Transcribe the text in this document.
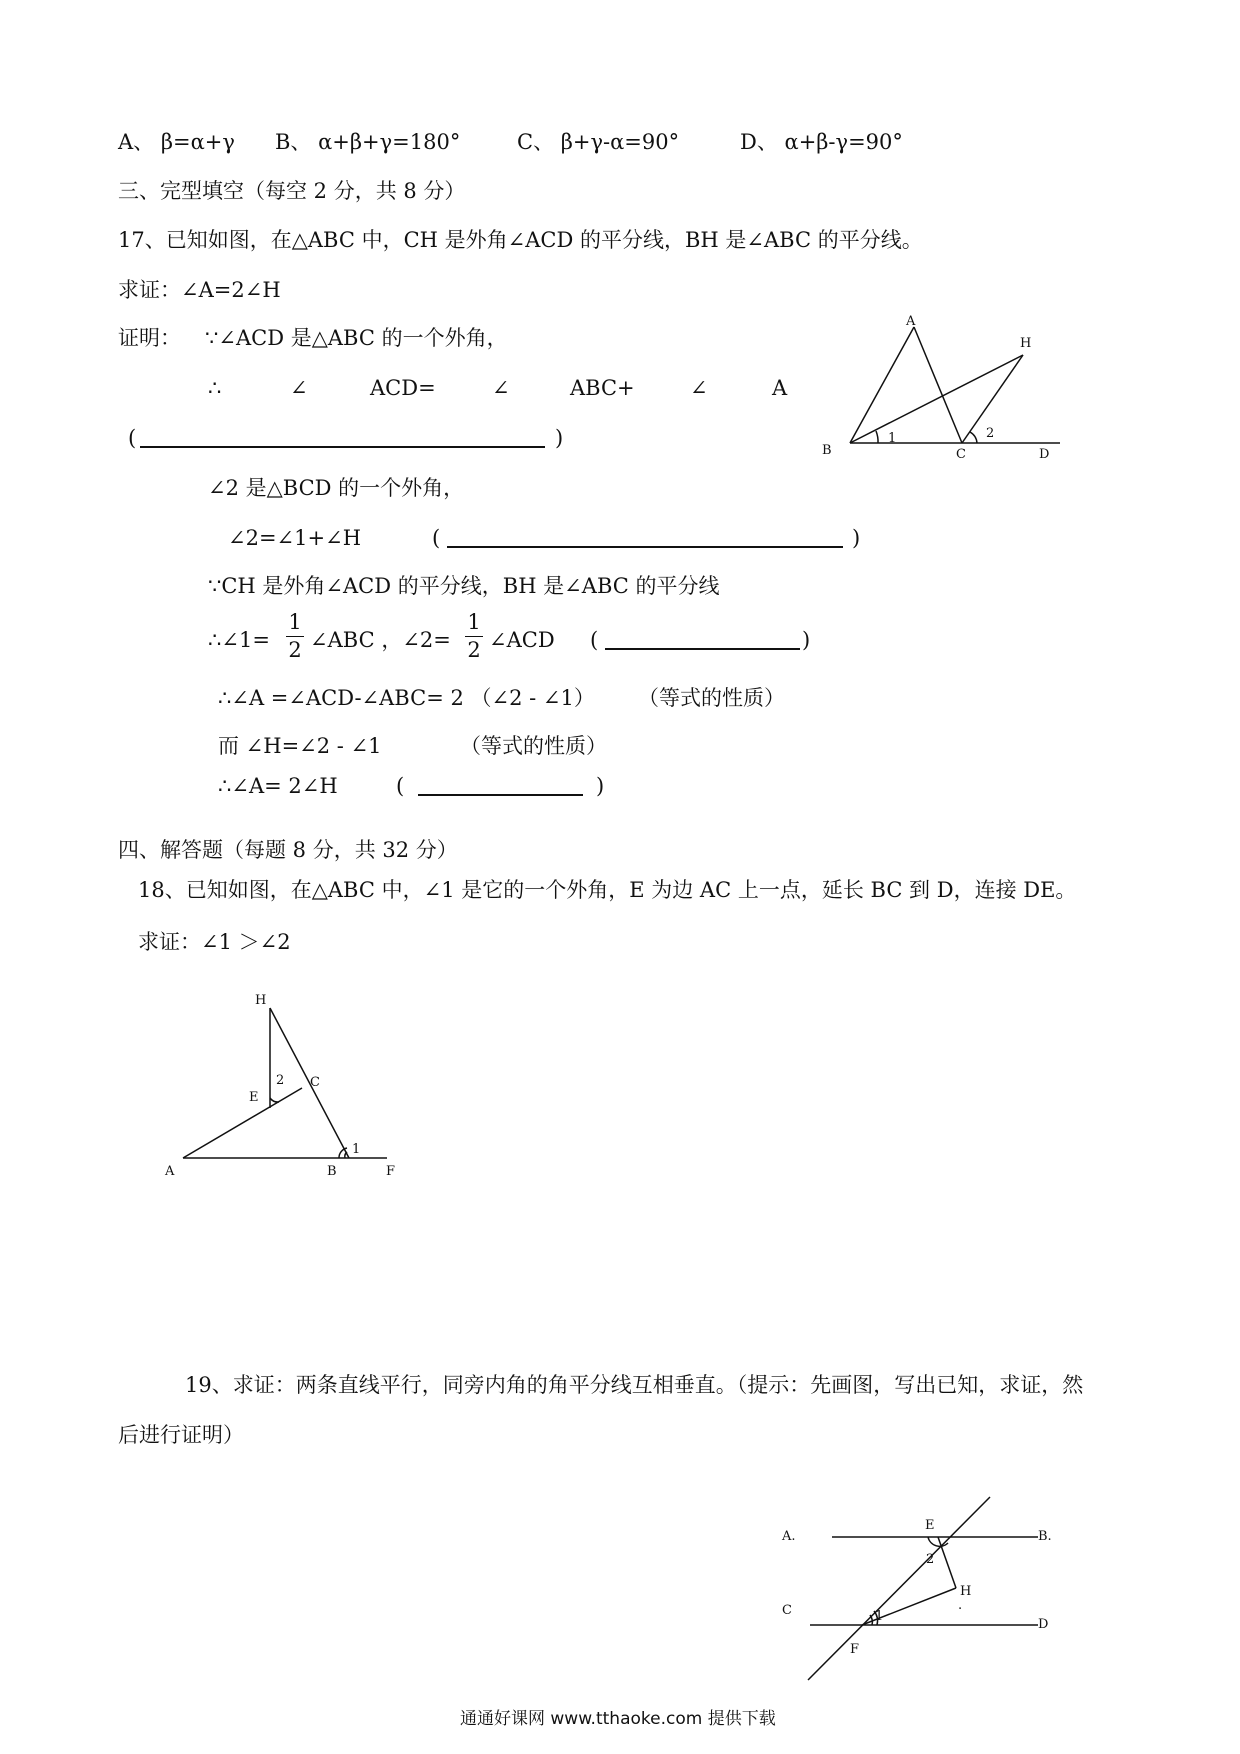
A、 β=α+γ B、 α+β+γ=180°	C、 β+γ-α=90°	D、 α+β-γ=90°
三、完型填空（每空 2 分，共 8 分）
17、已知如图，在△ABC 中，CH 是外角∠ACD 的平分线，BH 是∠ABC 的平分线。
求证：∠A=2∠H
证明： ∵∠ACD 是△ABC 的一个外角，
∴	∠	ACD=	∠	ABC+	∠	A
(	)
∠2 是△BCD 的一个外角，
∠2=∠1+∠H	(	)
∵CH 是外角∠ACD 的平分线，BH 是∠ABC 的平分线
∴∠1=
1
2 ∠ABC ，∠2=
1
2 ∠ACD (	)
∴∠A =∠ACD-∠ABC= 2 （∠2 - ∠1） （等式的性质）
而 ∠H=∠2 - ∠1	（等式的性质）
∴∠A= 2∠H	(	)
A
H
B	C	D
1	2
四、解答题（每题 8 分，共 32 分）
18、已知如图，在△ABC 中，∠1 是它的一个外角，E 为边 AC 上一点，延长 BC 到 D，连接 DE。
求证：∠1 ＞∠2
H
E
C
A	B	F
2
1
19、求证：两条直线平行，同旁内角的角平分线互相垂直。（提示：先画图，写出已知，求证，然
后进行证明）
A.
E
B.
C
D
F
H
2
1
.
通通好课网 www.tthaoke.com 提供下载
